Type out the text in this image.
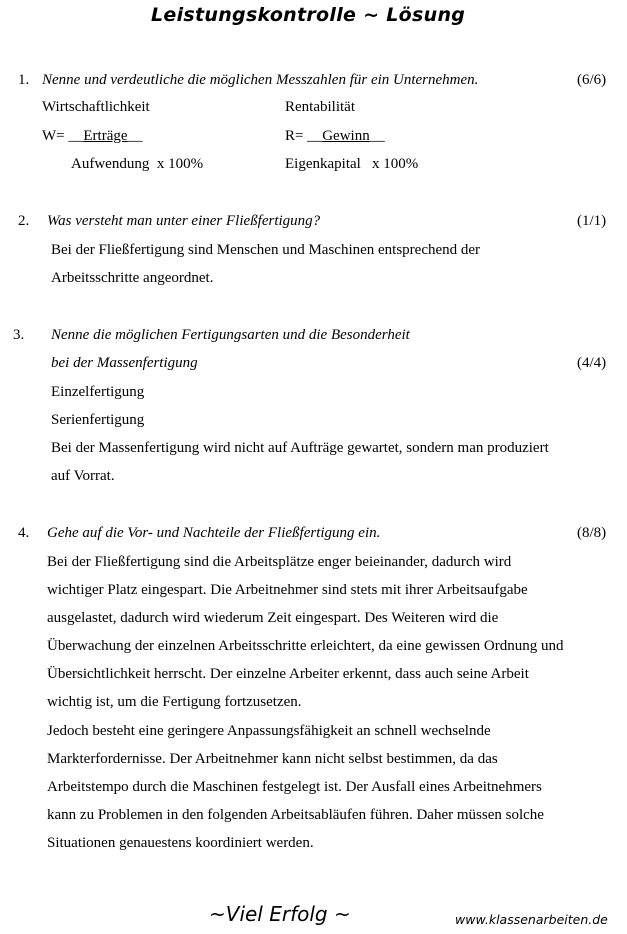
Leistungskontrolle ~ Lösung
1. Nenne und verdeutliche die möglichen Messzahlen für ein Unternehmen.	(6/6)
Wirtschaftlichkeit	Rentabilität
W= __Erträge__	R= __Gewinn__
Aufwendung  x 100%	Eigenkapital   x 100%
2. Was versteht man unter einer Fließfertigung?	(1/1)
Bei der Fließfertigung sind Menschen und Maschinen entsprechend der
Arbeitsschritte angeordnet.
3. Nenne die möglichen Fertigungsarten und die Besonderheit
bei der Massenfertigung	(4/4)
Einzelfertigung
Serienfertigung
Bei der Massenfertigung wird nicht auf Aufträge gewartet, sondern man produziert
auf Vorrat.
4. Gehe auf die Vor- und Nachteile der Fließfertigung ein.	(8/8)
Bei der Fließfertigung sind die Arbeitsplätze enger beieinander, dadurch wird
wichtiger Platz eingespart. Die Arbeitnehmer sind stets mit ihrer Arbeitsaufgabe
ausgelastet, dadurch wird wiederum Zeit eingespart. Des Weiteren wird die
Überwachung der einzelnen Arbeitsschritte erleichtert, da eine gewissen Ordnung und
Übersichtlichkeit herrscht. Der einzelne Arbeiter erkennt, dass auch seine Arbeit
wichtig ist, um die Fertigung fortzusetzen.
Jedoch besteht eine geringere Anpassungsfähigkeit an schnell wechselnde
Markterfordernisse. Der Arbeitnehmer kann nicht selbst bestimmen, da das
Arbeitstempo durch die Maschinen festgelegt ist. Der Ausfall eines Arbeitnehmers
kann zu Problemen in den folgenden Arbeitsabläufen führen. Daher müssen solche
Situationen genauestens koordiniert werden.
~Viel Erfolg ~	www.klassenarbeiten.de
